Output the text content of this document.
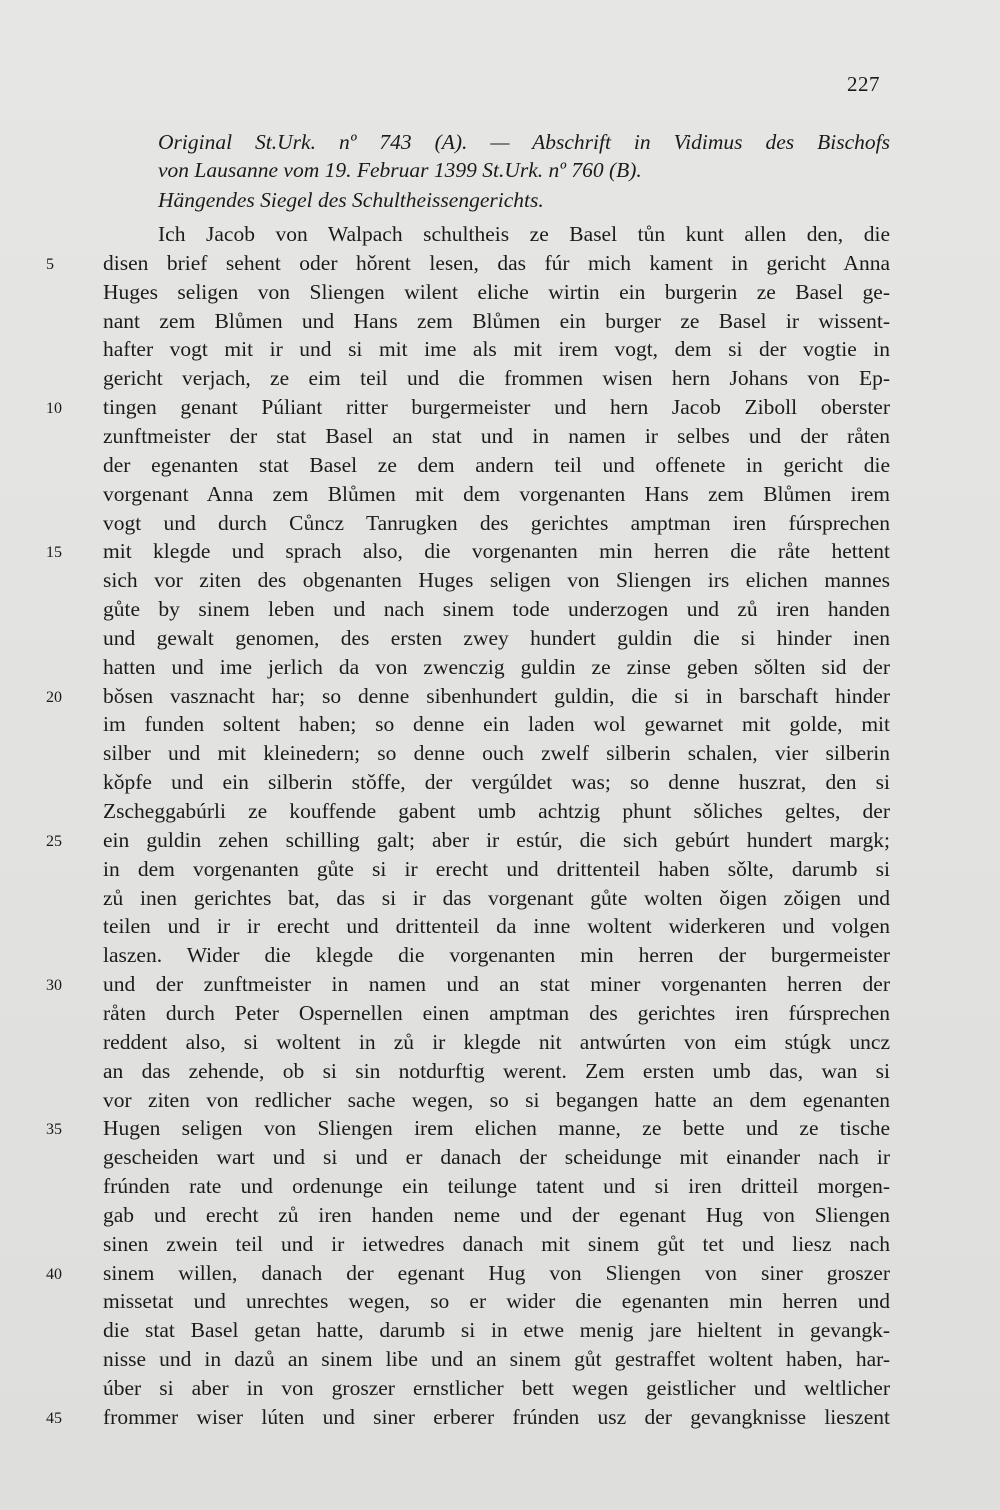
227
Original St.Urk. nº 743 (A). — Abschrift in Vidimus des Bischofs
von Lausanne vom 19. Februar 1399 St.Urk. nº 760 (B).
Hängendes Siegel des Schultheissengerichts.
Ich Jacob von Walpach schultheis ze Basel tůn kunt allen den, die
disen brief sehent oder hǒrent lesen, das fúr mich kament in gericht Anna
Huges seligen von Sliengen wilent eliche wirtin ein burgerin ze Basel ge-
nant zem Blůmen und Hans zem Blůmen ein burger ze Basel ir wissent-
hafter vogt mit ir und si mit ime als mit irem vogt, dem si der vogtie in
gericht verjach, ze eim teil und die frommen wisen hern Johans von Ep-
tingen genant Púliant ritter burgermeister und hern Jacob Ziboll oberster
zunftmeister der stat Basel an stat und in namen ir selbes und der råten
der egenanten stat Basel ze dem andern teil und offenete in gericht die
vorgenant Anna zem Blůmen mit dem vorgenanten Hans zem Blůmen irem
vogt und durch Cůncz Tanrugken des gerichtes amptman iren fúrsprechen
mit klegde und sprach also, die vorgenanten min herren die råte hettent
sich vor ziten des obgenanten Huges seligen von Sliengen irs elichen mannes
gůte by sinem leben und nach sinem tode underzogen und zů iren handen
und gewalt genomen, des ersten zwey hundert guldin die si hinder inen
hatten und ime jerlich da von zwenczig guldin ze zinse geben sǒlten sid der
bǒsen vasznacht har; so denne sibenhundert guldin, die si in barschaft hinder
im funden soltent haben; so denne ein laden wol gewarnet mit golde, mit
silber und mit kleinedern; so denne ouch zwelf silberin schalen, vier silberin
kǒpfe und ein silberin stǒffe, der vergúldet was; so denne huszrat, den si
Zscheggabúrli ze kouffende gabent umb achtzig phunt sǒliches geltes, der
ein guldin zehen schilling galt; aber ir estúr, die sich gebúrt hundert margk;
in dem vorgenanten gůte si ir erecht und drittenteil haben sǒlte, darumb si
zů inen gerichtes bat, das si ir das vorgenant gůte wolten ǒigen zǒigen und
teilen und ir ir erecht und drittenteil da inne woltent widerkeren und volgen
laszen. Wider die klegde die vorgenanten min herren der burgermeister
und der zunftmeister in namen und an stat miner vorgenanten herren der
råten durch Peter Ospernellen einen amptman des gerichtes iren fúrsprechen
reddent also, si woltent in zů ir klegde nit antwúrten von eim stúgk uncz
an das zehende, ob si sin notdurftig werent. Zem ersten umb das, wan si
vor ziten von redlicher sache wegen, so si begangen hatte an dem egenanten
Hugen seligen von Sliengen irem elichen manne, ze bette und ze tische
gescheiden wart und si und er danach der scheidunge mit einander nach ir
frúnden rate und ordenunge ein teilunge tatent und si iren dritteil morgen-
gab und erecht zů iren handen neme und der egenant Hug von Sliengen
sinen zwein teil und ir ietwedres danach mit sinem gůt tet und liesz nach
sinem willen, danach der egenant Hug von Sliengen von siner groszer
missetat und unrechtes wegen, so er wider die egenanten min herren und
die stat Basel getan hatte, darumb si in etwe menig jare hieltent in gevangk-
nisse und in dazů an sinem libe und an sinem gůt gestraffet woltent haben, har-
úber si aber in von groszer ernstlicher bett wegen geistlicher und weltlicher
frommer wiser lúten und siner erberer frúnden usz der gevangknisse lieszent
5
10
15
20
25
30
35
40
45
